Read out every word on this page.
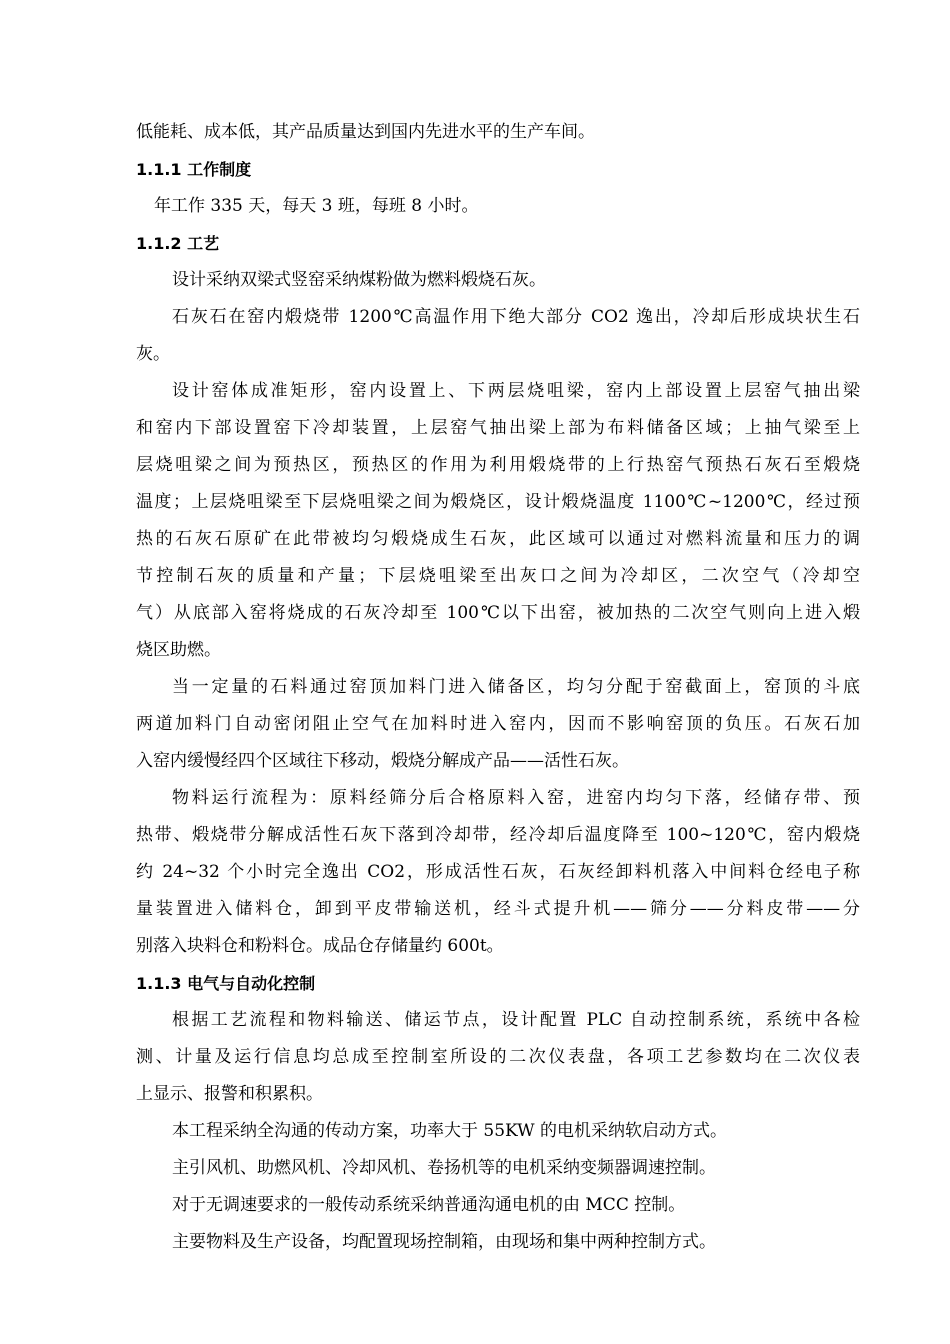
低能耗、成本低，其产品质量达到国内先进水平的生产车间。
1.1.1 工作制度
年工作 335 天，每天 3 班，每班 8 小时。
1.1.2 工艺
设计采纳双梁式竖窑采纳煤粉做为燃料煅烧石灰。
石灰石在窑内煅烧带 1200℃高温作用下绝大部分 CO2 逸出，冷却后形成块状生石
灰。
设计窑体成准矩形，窑内设置上、下两层烧咀梁，窑内上部设置上层窑气抽出梁
和窑内下部设置窑下冷却装置，上层窑气抽出梁上部为布料储备区域；上抽气梁至上
层烧咀梁之间为预热区，预热区的作用为利用煅烧带的上行热窑气预热石灰石至煅烧
温度；上层烧咀梁至下层烧咀梁之间为煅烧区，设计煅烧温度 1100℃~1200℃，经过预
热的石灰石原矿在此带被均匀煅烧成生石灰，此区域可以通过对燃料流量和压力的调
节控制石灰的质量和产量；下层烧咀梁至出灰口之间为冷却区，二次空气（冷却空
气）从底部入窑将烧成的石灰冷却至 100℃以下出窑，被加热的二次空气则向上进入煅
烧区助燃。
当一定量的石料通过窑顶加料门进入储备区，均匀分配于窑截面上，窑顶的斗底
两道加料门自动密闭阻止空气在加料时进入窑内，因而不影响窑顶的负压。石灰石加
入窑内缓慢经四个区域往下移动，煅烧分解成产品——活性石灰。
物料运行流程为：原料经筛分后合格原料入窑，进窑内均匀下落，经储存带、预
热带、煅烧带分解成活性石灰下落到冷却带，经冷却后温度降至 100~120℃，窑内煅烧
约 24~32 个小时完全逸出 CO2，形成活性石灰，石灰经卸料机落入中间料仓经电子称
量装置进入储料仓，卸到平皮带输送机，经斗式提升机——筛分——分料皮带——分
别落入块料仓和粉料仓。成品仓存储量约 600t。
1.1.3 电气与自动化控制
根据工艺流程和物料输送、储运节点，设计配置 PLC 自动控制系统，系统中各检
测、计量及运行信息均总成至控制室所设的二次仪表盘，各项工艺参数均在二次仪表
上显示、报警和积累积。
本工程采纳全沟通的传动方案，功率大于 55KW 的电机采纳软启动方式。
主引风机、助燃风机、冷却风机、卷扬机等的电机采纳变频器调速控制。
对于无调速要求的一般传动系统采纳普通沟通电机的由 MCC 控制。
主要物料及生产设备，均配置现场控制箱，由现场和集中两种控制方式。
